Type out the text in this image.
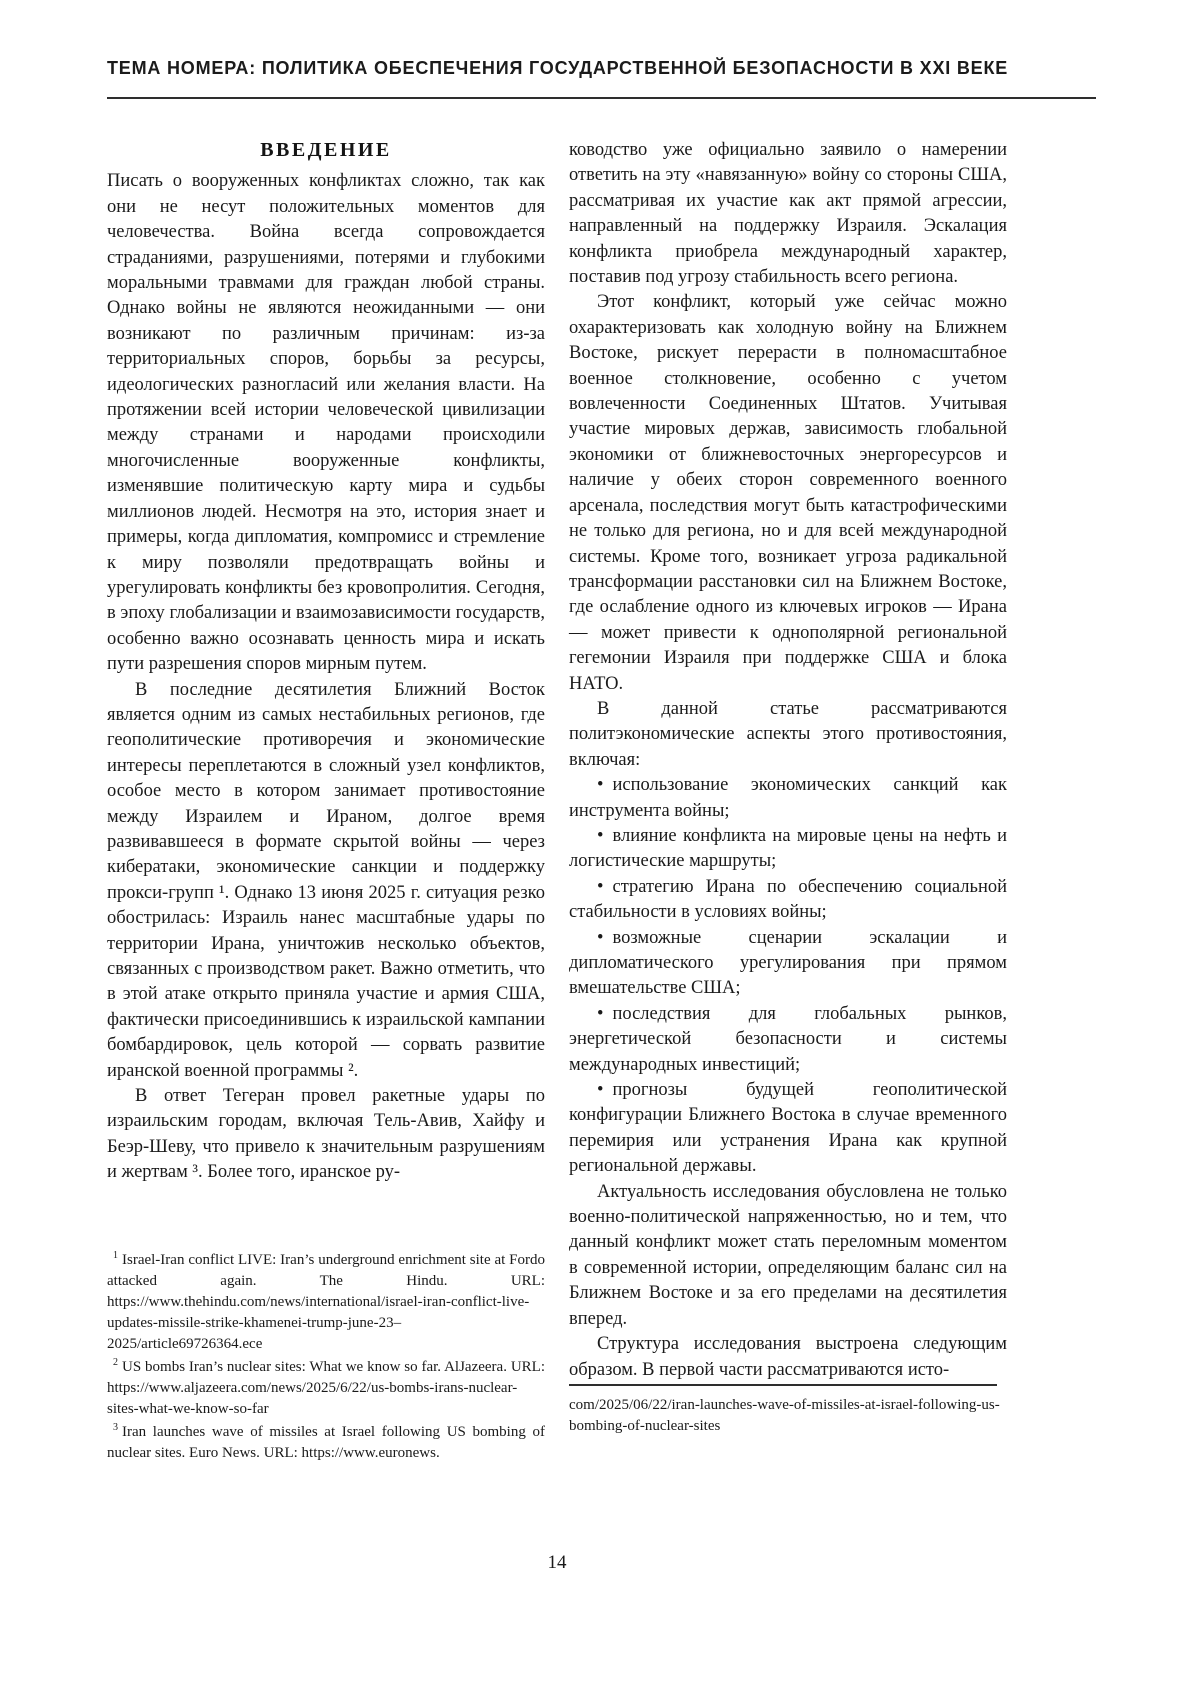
ТЕМА НОМЕРА: ПОЛИТИКА ОБЕСПЕЧЕНИЯ ГОСУДАРСТВЕННОЙ БЕЗОПАСНОСТИ В XXI ВЕКЕ
ВВЕДЕНИЕ

Писать о вооруженных конфликтах сложно, так как они не несут положительных моментов для человечества. Война всегда сопровождается страданиями, разрушениями, потерями и глубокими моральными травмами для граждан любой страны. Однако войны не являются неожиданными — они возникают по различным причинам: из-за территориальных споров, борьбы за ресурсы, идеологических разногласий или желания власти. На протяжении всей истории человеческой цивилизации между странами и народами происходили многочисленные вооруженные конфликты, изменявшие политическую карту мира и судьбы миллионов людей. Несмотря на это, история знает и примеры, когда дипломатия, компромисс и стремление к миру позволяли предотвращать войны и урегулировать конфликты без кровопролития. Сегодня, в эпоху глобализации и взаимозависимости государств, особенно важно осознавать ценность мира и искать пути разрешения споров мирным путем.

В последние десятилетия Ближний Восток является одним из самых нестабильных регионов, где геополитические противоречия и экономические интересы переплетаются в сложный узел конфликтов, особое место в котором занимает противостояние между Израилем и Ираном, долгое время развивавшееся в формате скрытой войны — через кибератаки, экономические санкции и поддержку прокси-групп ¹. Однако 13 июня 2025 г. ситуация резко обострилась: Израиль нанес масштабные удары по территории Ирана, уничтожив несколько объектов, связанных с производством ракет. Важно отметить, что в этой атаке открыто приняла участие и армия США, фактически присоединившись к израильской кампании бомбардировок, цель которой — сорвать развитие иранской военной программы ².

В ответ Тегеран провел ракетные удары по израильским городам, включая Тель-Авив, Хайфу и Беэр-Шеву, что привело к значительным разрушениям и жертвам ³. Более того, иранское ру-

$^1$ Israel-Iran conflict LIVE: Iran’s underground enrichment site at Fordo attacked again. The Hindu. URL: https://www.thehindu.com/news/international/israel-iran-conflict-live-updates-missile-strike-khamenei-trump-june-23–2025/article69726364.ece

$^2$ US bombs Iran’s nuclear sites: What we know so far. AlJazeera. URL: https://www.aljazeera.com/news/2025/6/22/us-bombs-irans-nuclear-sites-what-we-know-so-far

$^3$ Iran launches wave of missiles at Israel following US bombing of nuclear sites. Euro News. URL: https://www.euronews.

ководство уже официально заявило о намерении ответить на эту «навязанную» войну со стороны США, рассматривая их участие как акт прямой агрессии, направленный на поддержку Израиля. Эскалация конфликта приобрела международный характер, поставив под угрозу стабильность всего региона.

Этот конфликт, который уже сейчас можно охарактеризовать как холодную войну на Ближнем Востоке, рискует перерасти в полномасштабное военное столкновение, особенно с учетом вовлеченности Соединенных Штатов. Учитывая участие мировых держав, зависимость глобальной экономики от ближневосточных энергоресурсов и наличие у обеих сторон современного военного арсенала, последствия могут быть катастрофическими не только для региона, но и для всей международной системы. Кроме того, возникает угроза радикальной трансформации расстановки сил на Ближнем Востоке, где ослабление одного из ключевых игроков — Ирана — может привести к однополярной региональной гегемонии Израиля при поддержке США и блока НАТО.

В данной статье рассматриваются политэкономические аспекты этого противостояния, включая:

• использование экономических санкций как инструмента войны;

• влияние конфликта на мировые цены на нефть и логистические маршруты;

• стратегию Ирана по обеспечению социальной стабильности в условиях войны;

• возможные сценарии эскалации и дипломатического урегулирования при прямом вмешательстве США;

• последствия для глобальных рынков, энергетической безопасности и системы международных инвестиций;

• прогнозы будущей геополитической конфигурации Ближнего Востока в случае временного перемирия или устранения Ирана как крупной региональной державы.

Актуальность исследования обусловлена не только военно-политической напряженностью, но и тем, что данный конфликт может стать переломным моментом в современной истории, определяющим баланс сил на Ближнем Востоке и за его пределами на десятилетия вперед.

Структура исследования выстроена следующим образом. В первой части рассматриваются исто-

com/2025/06/22/iran-launches-wave-of-missiles-at-israel-following-us-bombing-of-nuclear-sites

14
